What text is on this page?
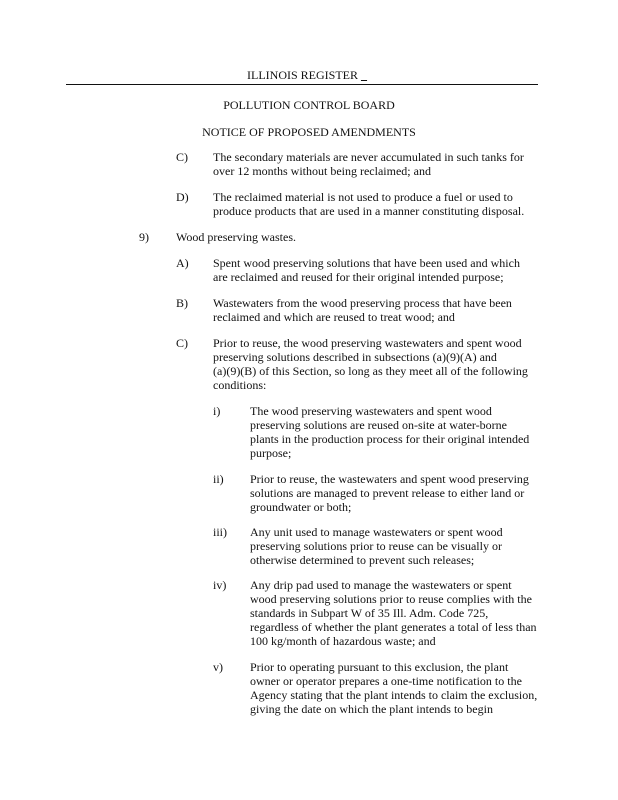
ILLINOIS REGISTER _
POLLUTION CONTROL BOARD
NOTICE OF PROPOSED AMENDMENTS
C) The secondary materials are never accumulated in such tanks for
over 12 months without being reclaimed; and
D) The reclaimed material is not used to produce a fuel or used to
produce products that are used in a manner constituting disposal.
9) Wood preserving wastes.
A) Spent wood preserving solutions that have been used and which
are reclaimed and reused for their original intended purpose;
B) Wastewaters from the wood preserving process that have been
reclaimed and which are reused to treat wood; and
C) Prior to reuse, the wood preserving wastewaters and spent wood
preserving solutions described in subsections (a)(9)(A) and
(a)(9)(B) of this Section, so long as they meet all of the following
conditions:
i) The wood preserving wastewaters and spent wood
preserving solutions are reused on-site at water-borne
plants in the production process for their original intended
purpose;
ii) Prior to reuse, the wastewaters and spent wood preserving
solutions are managed to prevent release to either land or
groundwater or both;
iii) Any unit used to manage wastewaters or spent wood
preserving solutions prior to reuse can be visually or
otherwise determined to prevent such releases;
iv) Any drip pad used to manage the wastewaters or spent
wood preserving solutions prior to reuse complies with the
standards in Subpart W of 35 Ill. Adm. Code 725,
regardless of whether the plant generates a total of less than
100 kg/month of hazardous waste; and
v) Prior to operating pursuant to this exclusion, the plant
owner or operator prepares a one-time notification to the
Agency stating that the plant intends to claim the exclusion,
giving the date on which the plant intends to begin
